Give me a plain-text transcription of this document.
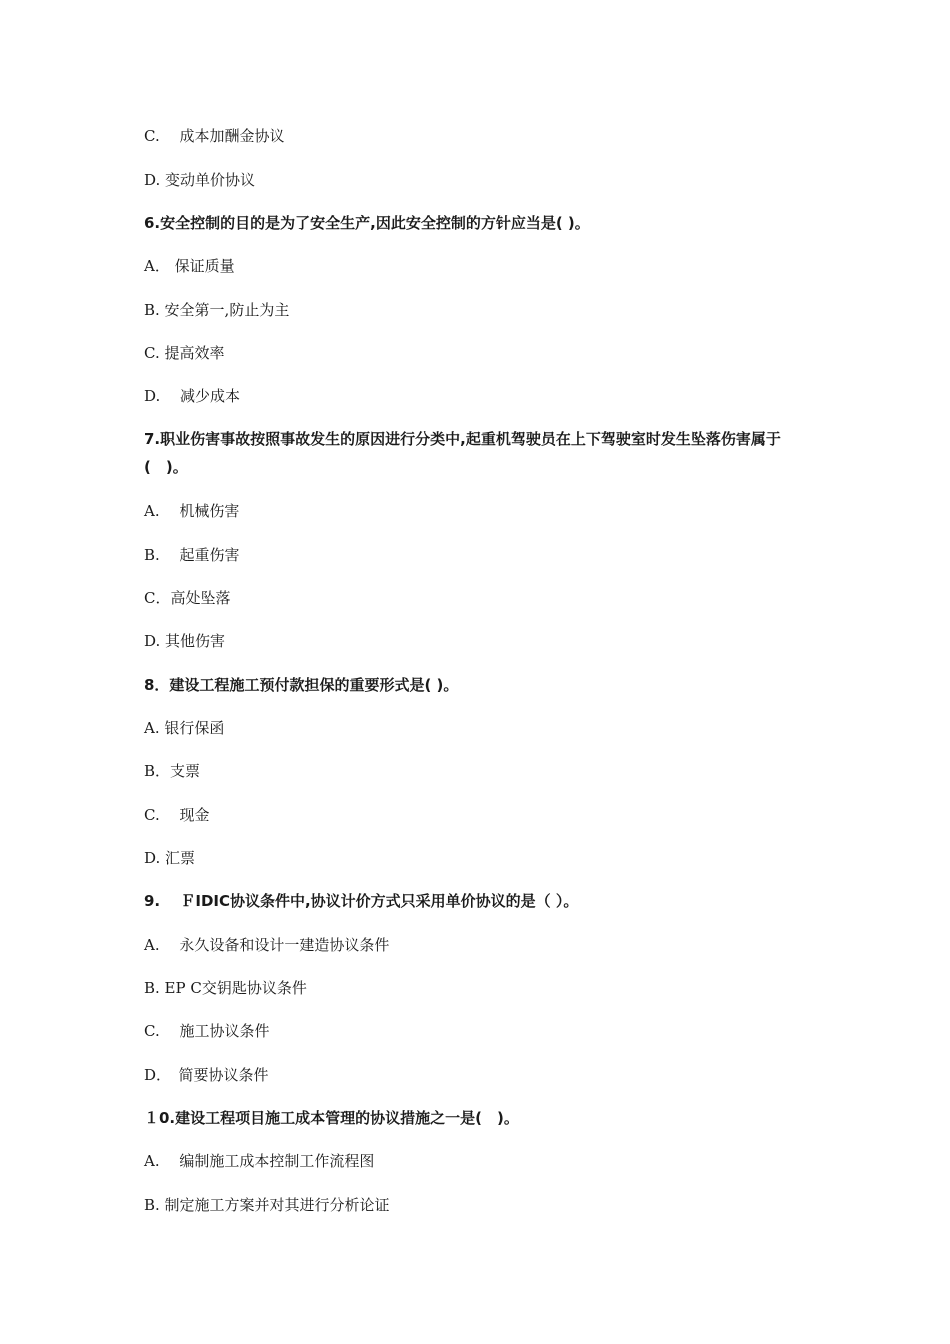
C.　 成本加酬金协议
D. 变动单价协议
6.安全控制的目的是为了安全生产,因此安全控制的方针应当是( )。
A． 保证质量
B. 安全第一,防止为主
C. 提高效率
D.　 减少成本
7.职业伤害事故按照事故发生的原因进行分类中,起重机驾驶员在上下驾驶室时发生坠落伤害属于(　)。
A.　 机械伤害
B.　 起重伤害
C．高处坠落
D. 其他伤害
8．建设工程施工预付款担保的重要形式是( )。
A. 银行保函
B．支票
C.　 现金
D. 汇票
9.　 ＦIDIC协议条件中,协议计价方式只采用单价协议的是（ ）。
A.　 永久设备和设计一建造协议条件
B. EP C交钥匙协议条件
C.　 施工协议条件
D．　简要协议条件
１0.建设工程项目施工成本管理的协议措施之一是(　)。
A.　 编制施工成本控制工作流程图
B. 制定施工方案并对其进行分析论证
